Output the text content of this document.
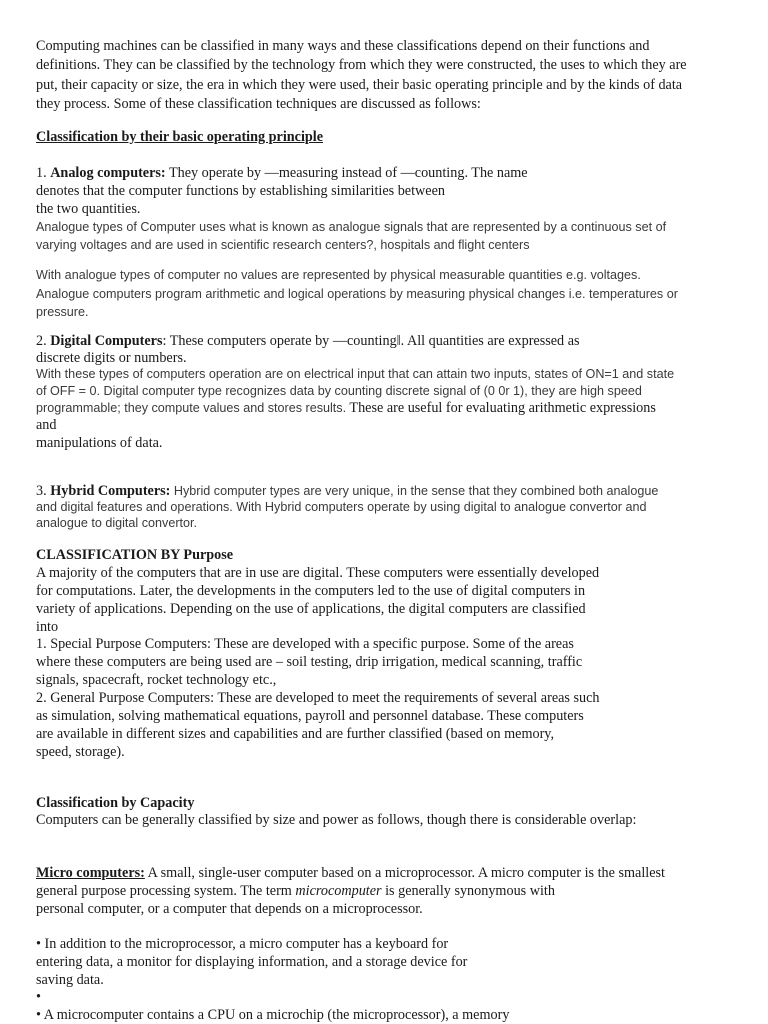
Computing machines can be classified in many ways and these classifications depend on their functions and
definitions. They can be classified by the technology from which they were constructed, the uses to which they are
put, their capacity or size, the era in which they were used, their basic operating principle and by the kinds of data
they process. Some of these classification techniques are discussed as follows:
Classification by their basic operating principle
1. Analog computers: They operate by —measuring instead of —counting. The name
denotes that the computer functions by establishing similarities between
the two quantities.
Analogue types of Computer uses what is known as analogue signals that are represented by a continuous set of
varying voltages and are used in scientific research centers?, hospitals and flight centers
With analogue types of computer no values are represented by physical measurable quantities e.g. voltages.
Analogue computers program arithmetic and logical operations by measuring physical changes i.e. temperatures or
pressure.
2. Digital Computers: These computers operate by —counting‖. All quantities are expressed as
discrete digits or numbers.
With these types of computers operation are on electrical input that can attain two inputs, states of ON=1 and state
of OFF = 0. Digital computer type recognizes data by counting discrete signal of (0 0r 1), they are high speed
programmable; they compute values and stores results. These are useful for evaluating arithmetic expressions
and
manipulations of data.
3. Hybrid Computers: Hybrid computer types are very unique, in the sense that they combined both analogue
and digital features and operations. With Hybrid computers operate by using digital to analogue convertor and
analogue to digital convertor.
CLASSIFICATION BY Purpose
A majority of the computers that are in use are digital. These computers were essentially developed
for computations. Later, the developments in the computers led to the use of digital computers in
variety of applications. Depending on the use of applications, the digital computers are classified
into
1. Special Purpose Computers: These are developed with a specific purpose. Some of the areas
where these computers are being used are – soil testing, drip irrigation, medical scanning, traffic
signals, spacecraft, rocket technology etc.,
2. General Purpose Computers: These are developed to meet the requirements of several areas such
as simulation, solving mathematical equations, payroll and personnel database. These computers
are available in different sizes and capabilities and are further classified (based on memory,
speed, storage).
Classification by Capacity
Computers can be generally classified by size and power as follows, though there is considerable overlap:
Micro computers: A small, single-user computer based on a microprocessor. A micro computer is the smallest
general purpose processing system. The term microcomputer is generally synonymous with
personal computer, or a computer that depends on a microprocessor.
• In addition to the microprocessor, a micro computer has a keyboard for
entering data, a monitor for displaying information, and a storage device for
saving data.
•
• A microcomputer contains a CPU on a microchip (the microprocessor), a memory
